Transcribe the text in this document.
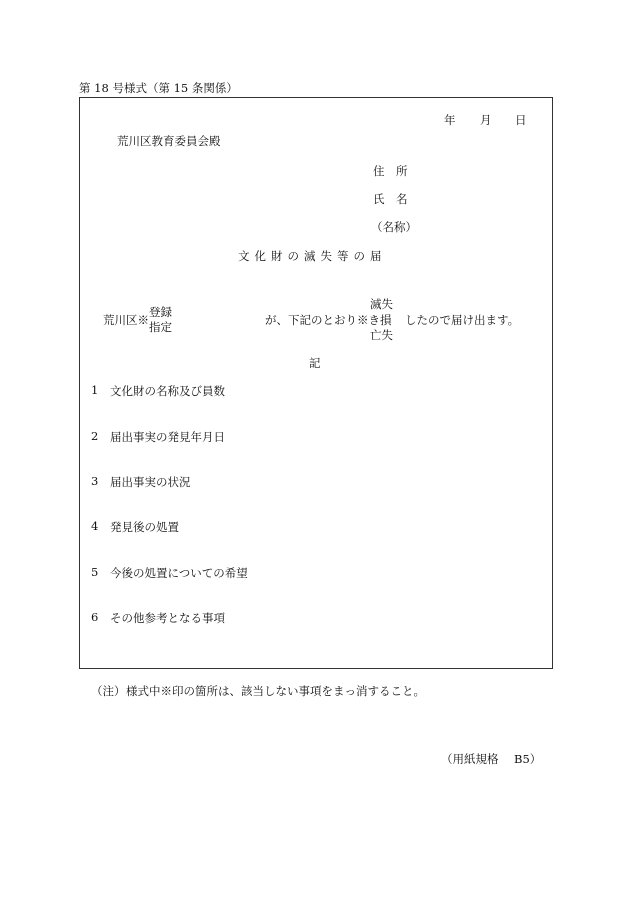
第 18 号様式（第 15 条関係）
年 月 日
荒川区教育委員会殿
住　所
氏　名
（名称）
文化財の滅失等の届
荒川区※
登録
指定	が、下記のとおり※き損
滅失
亡失
したので届け出ます。
記
1 文化財の名称及び員数
2 届出事実の発見年月日
3 届出事実の状況
4 発見後の処置
5 今後の処置についての希望
6 その他参考となる事項
（注） 様式中※印の箇所は、該当しない事項をまっ消すること。
（用紙規格 B5）
